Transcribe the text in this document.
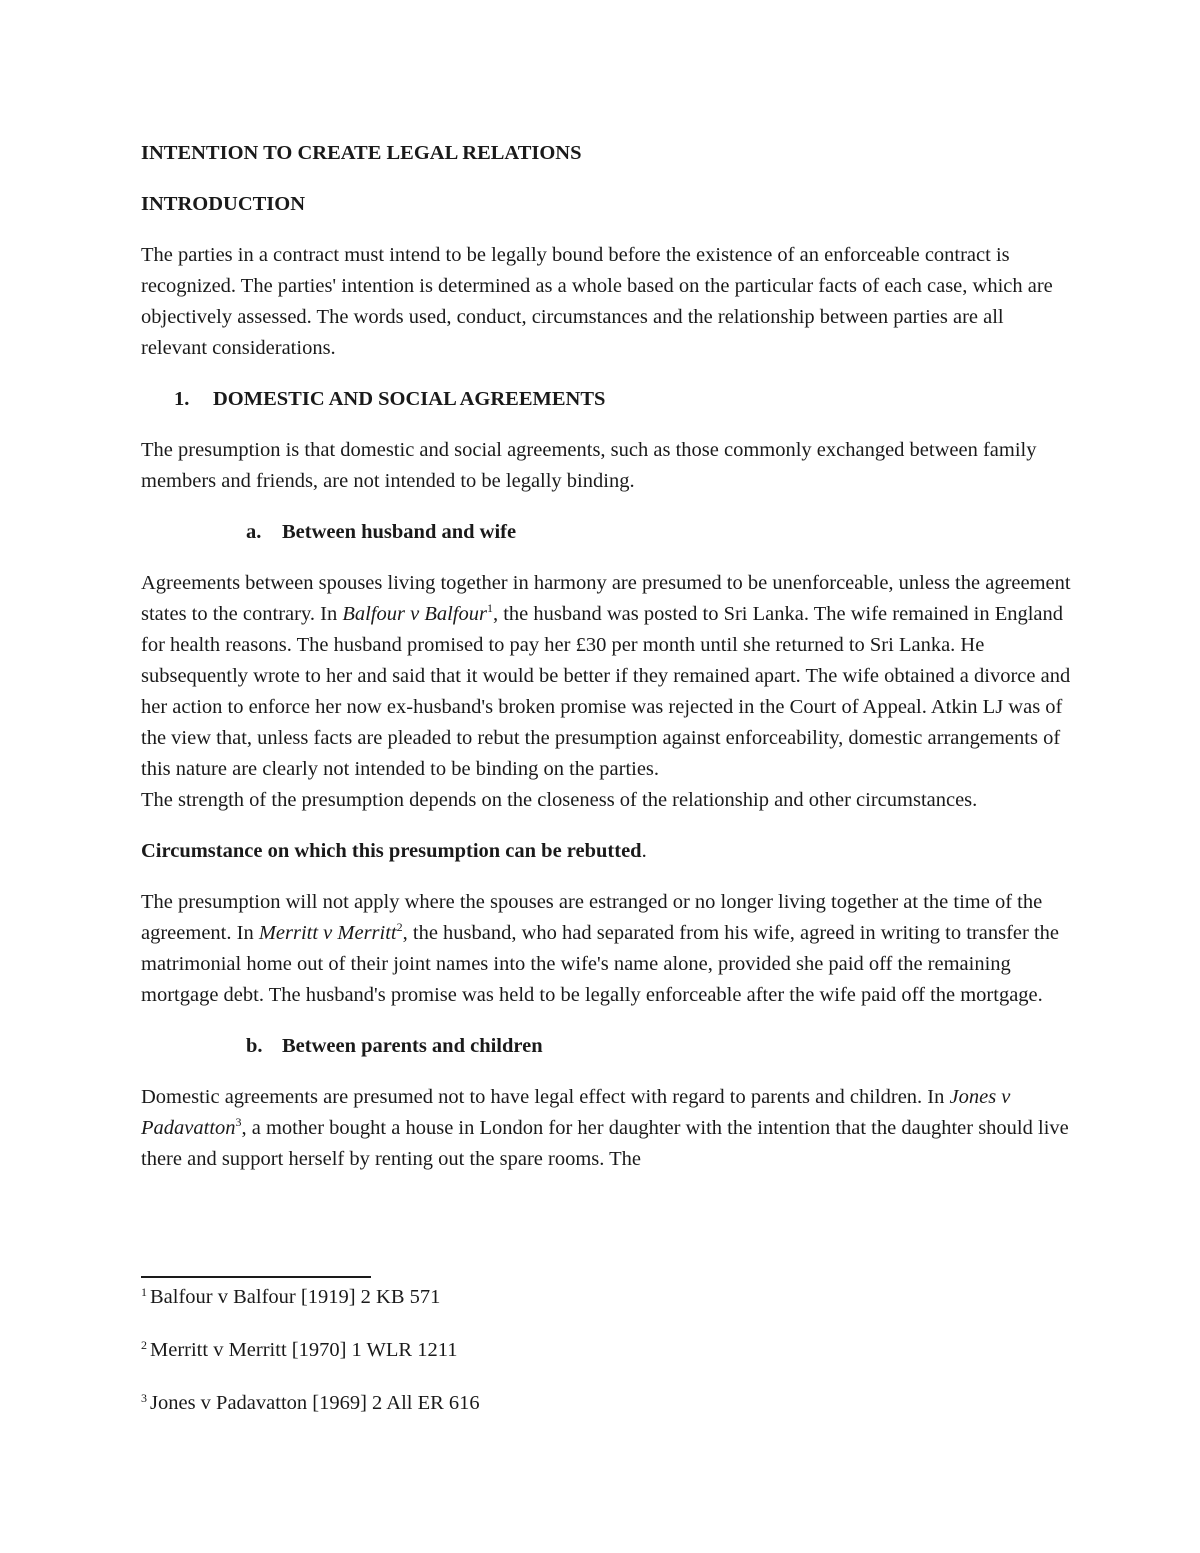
INTENTION TO CREATE LEGAL RELATIONS
INTRODUCTION

The parties in a contract must intend to be legally bound before the existence of an enforceable contract is recognized. The parties' intention is determined as a whole based on the particular facts of each case, which are objectively assessed. The words used, conduct, circumstances and the relationship between parties are all relevant considerations.

1.	DOMESTIC AND SOCIAL AGREEMENTS

The presumption is that domestic and social agreements, such as those commonly exchanged between family members and friends, are not intended to be legally binding.

a.	Between husband and wife

Agreements between spouses living together in harmony are presumed to be unenforceable, unless the agreement states to the contrary. In Balfour v Balfour$^1$, the husband was posted to Sri Lanka. The wife remained in England for health reasons. The husband promised to pay her £30 per month until she returned to Sri Lanka. He subsequently wrote to her and said that it would be better if they remained apart. The wife obtained a divorce and her action to enforce her now ex-husband's broken promise was rejected in the Court of Appeal. Atkin LJ was of the view that, unless facts are pleaded to rebut the presumption against enforceability, domestic arrangements of this nature are clearly not intended to be binding on the parties.

The strength of the presumption depends on the closeness of the relationship and other circumstances.

Circumstance on which this presumption can be rebutted.

The presumption will not apply where the spouses are estranged or no longer living together at the time of the agreement. In Merritt v Merritt$^2$, the husband, who had separated from his wife, agreed in writing to transfer the matrimonial home out of their joint names into the wife's name alone, provided she paid off the remaining mortgage debt. The husband's promise was held to be legally enforceable after the wife paid off the mortgage.

b. Between parents and children

Domestic agreements are presumed not to have legal effect with regard to parents and children. In Jones v Padavatton$^3$, a mother bought a house in London for her daughter with the intention that the daughter should live there and support herself by renting out the spare rooms. The

1 Balfour v Balfour [1919] 2 KB 571
2 Merritt v Merritt [1970] 1 WLR 1211
3 Jones v Padavatton [1969] 2 All ER 616
